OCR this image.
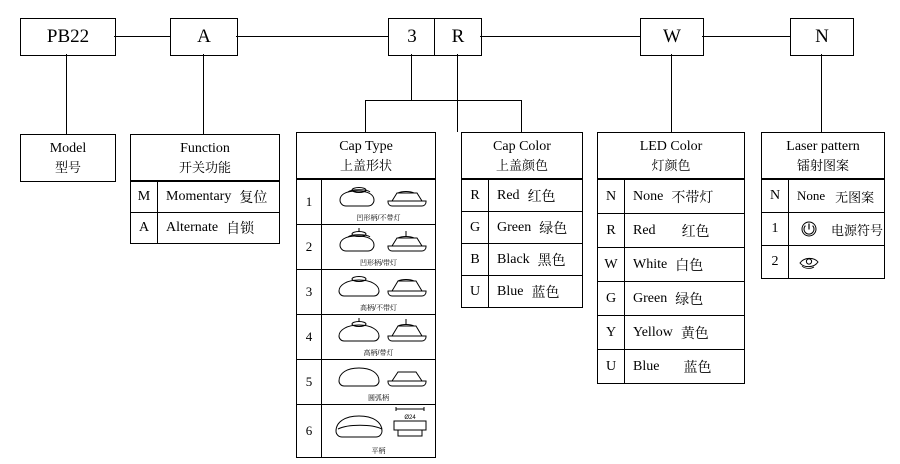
PB22	A	3 R	W	N
Model
型号
Function
开关功能
M	Momentary 复位
A	Alternate 自锁
Cap Type
上盖形状
1
凹形柄/不带灯
2
凹形柄/带灯
3
高柄/不带灯
4
高柄/带灯
5
圆弧柄
6
Ø24
平柄
Cap Color
上盖颜色
R	Red 红色
G	Green 绿色
B	Black 黑色
U	Blue 蓝色
LED Color
灯颜色
N	None 不带灯
R	Red 红色
W	White 白色
G	Green 绿色
Y	Yellow 黄色
U	Blue 蓝色
Laser pattern
镭射图案
N	None 无图案
1	电源符号
2
